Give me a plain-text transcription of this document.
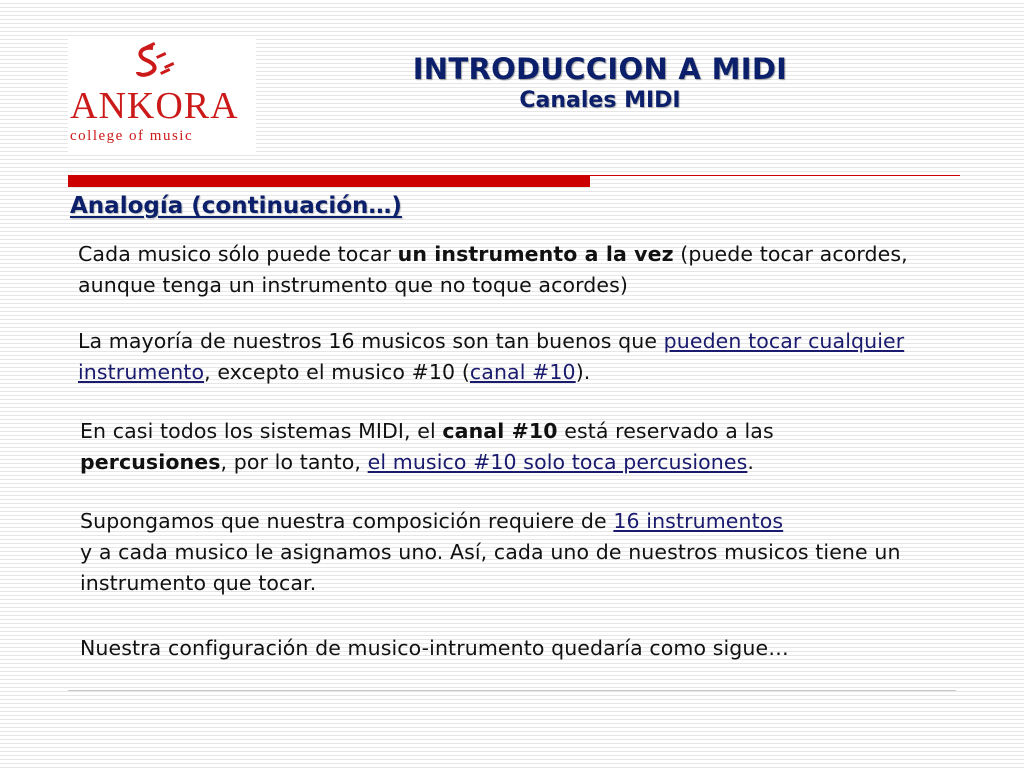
ANKORA
college of music
INTRODUCCION A MIDI
Canales MIDI
Analogía (continuación…)
Cada musico sólo puede tocar un instrumento a la vez (puede tocar acordes, aunque tenga un instrumento que no toque acordes)
La mayoría de nuestros 16 musicos son tan buenos que pueden tocar cualquier instrumento, excepto el musico #10 (canal #10).
En casi todos los sistemas MIDI, el canal #10 está reservado a las
percusiones, por lo tanto, el musico #10 solo toca percusiones.
Supongamos que nuestra composición requiere de 16 instrumentos
y a cada musico le asignamos uno. Así, cada uno de nuestros musicos tiene un instrumento que tocar.
Nuestra configuración de musico-intrumento quedaría como sigue…
